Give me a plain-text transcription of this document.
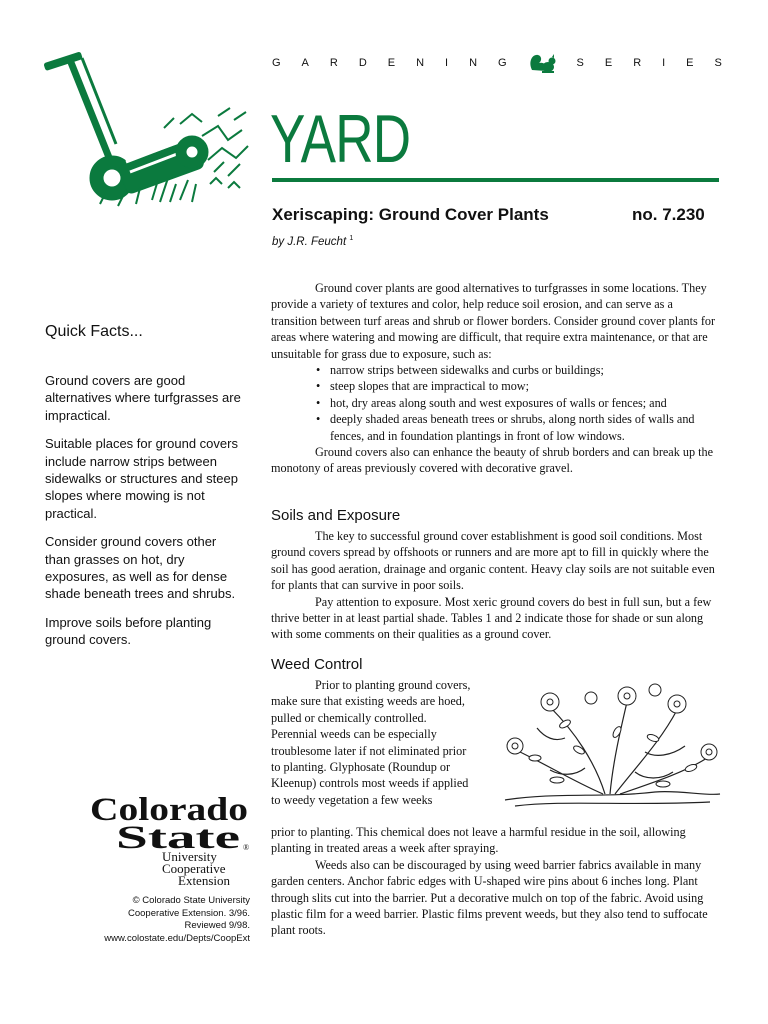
G A R D E N I N G	S E R I E S
YARD
Xeriscaping: Ground Cover Plants	no. 7.230
by J.R. Feucht $^1$
Quick Facts...

Ground covers are good alternatives where turfgrasses are impractical.

Suitable places for ground covers include narrow strips between sidewalks or structures and steep slopes where mowing is not practical.

Consider ground covers other than grasses on hot, dry exposures, as well as for dense shade beneath trees and shrubs.

Improve soils before planting ground covers.

Colorado
State ®
University
Cooperative
Extension
© Colorado State University
Cooperative Extension. 3/96.
Reviewed 9/98.
www.colostate.edu/Depts/CoopExt

Ground cover plants are good alternatives to turfgrasses in some locations. They provide a variety of textures and color, help reduce soil erosion, and can serve as a transition between turf areas and shrub or flower borders. Consider ground cover plants for areas where watering and mowing are difficult, that require extra maintenance, or that are unsuitable for grass due to exposure, such as:

• narrow strips between sidewalks and curbs or buildings;
• steep slopes that are impractical to mow;
• hot, dry areas along south and west exposures of walls or fences; and
• deeply shaded areas beneath trees or shrubs, along north sides of walls and fences, and in foundation plantings in front of low windows.

Ground covers also can enhance the beauty of shrub borders and can break up the monotony of areas previously covered with decorative gravel.

Soils and Exposure

The key to successful ground cover establishment is good soil conditions. Most ground covers spread by offshoots or runners and are more apt to fill in quickly where the soil has good aeration, drainage and organic content. Heavy clay soils are not suitable even for plants that can survive in poor soils.

Pay attention to exposure. Most xeric ground covers do best in full sun, but a few thrive better in at least partial shade. Tables 1 and 2 indicate those for shade or sun along with some comments on their qualities as a ground cover.

Weed Control

Prior to planting ground covers, make sure that existing weeds are hoed, pulled or chemically controlled. Perennial weeds can be especially troublesome later if not eliminated prior to planting. Glyphosate (Roundup or Kleenup) controls most weeds if applied to weedy vegetation a few weeks

prior to planting. This chemical does not leave a harmful residue in the soil, allowing planting in treated areas a week after spraying.

Weeds also can be discouraged by using weed barrier fabrics available in many garden centers. Anchor fabric edges with U-shaped wire pins about 6 inches long. Plant through slits cut into the barrier. Put a decorative mulch on top of the fabric. Avoid using plastic film for a weed barrier. Plastic films prevent weeds, but they also tend to suffocate plant roots.
